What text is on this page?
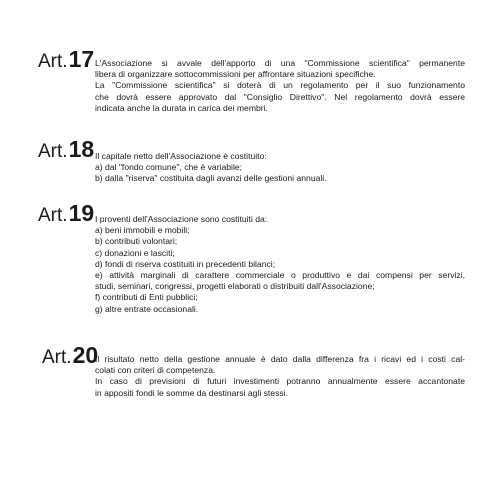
Art.17 L'Associazione si avvale dell'apporto di una "Commissione scientifica" permanente
libera di organizzare sottocommissioni per affrontare situazioni specifiche.
La "Commissione scientifica" si doterà di un regolamento per il suo funzionamento
che dovrà essere approvato dal "Consiglio Direttivo". Nel regolamento dovrà essere
indicata anche la durata in carica dei membri.
Art.18 Il capitale netto dell'Associazione è costituito:
a) dal "fondo comune", che è variabile;
b) dalla "riserva" costituita dagli avanzi delle gestioni annuali.
Art.19 I proventi dell'Associazione sono costituiti da:
a) beni immobili e mobili;
b) contributi volontari;
c) donazioni e lasciti;
d) fondi di riserva costituiti in precedenti bilanci;
e) attività marginali di carattere commerciale o produttivo e dai compensi per servizi,
studi, seminari, congressi, progetti elaborati o distribuiti dall'Associazione;
f) contributi di Enti pubblici;
g) altre entrate occasionali.
Art.20
Il risultato netto della gestione annuale è dato dalla differenza fra i ricavi ed i costi cal-
colati con criteri di competenza.
In caso di previsioni di futuri investimenti potranno annualmente essere accantonate
in appositi fondi le somme da destinarsi agli stessi.
